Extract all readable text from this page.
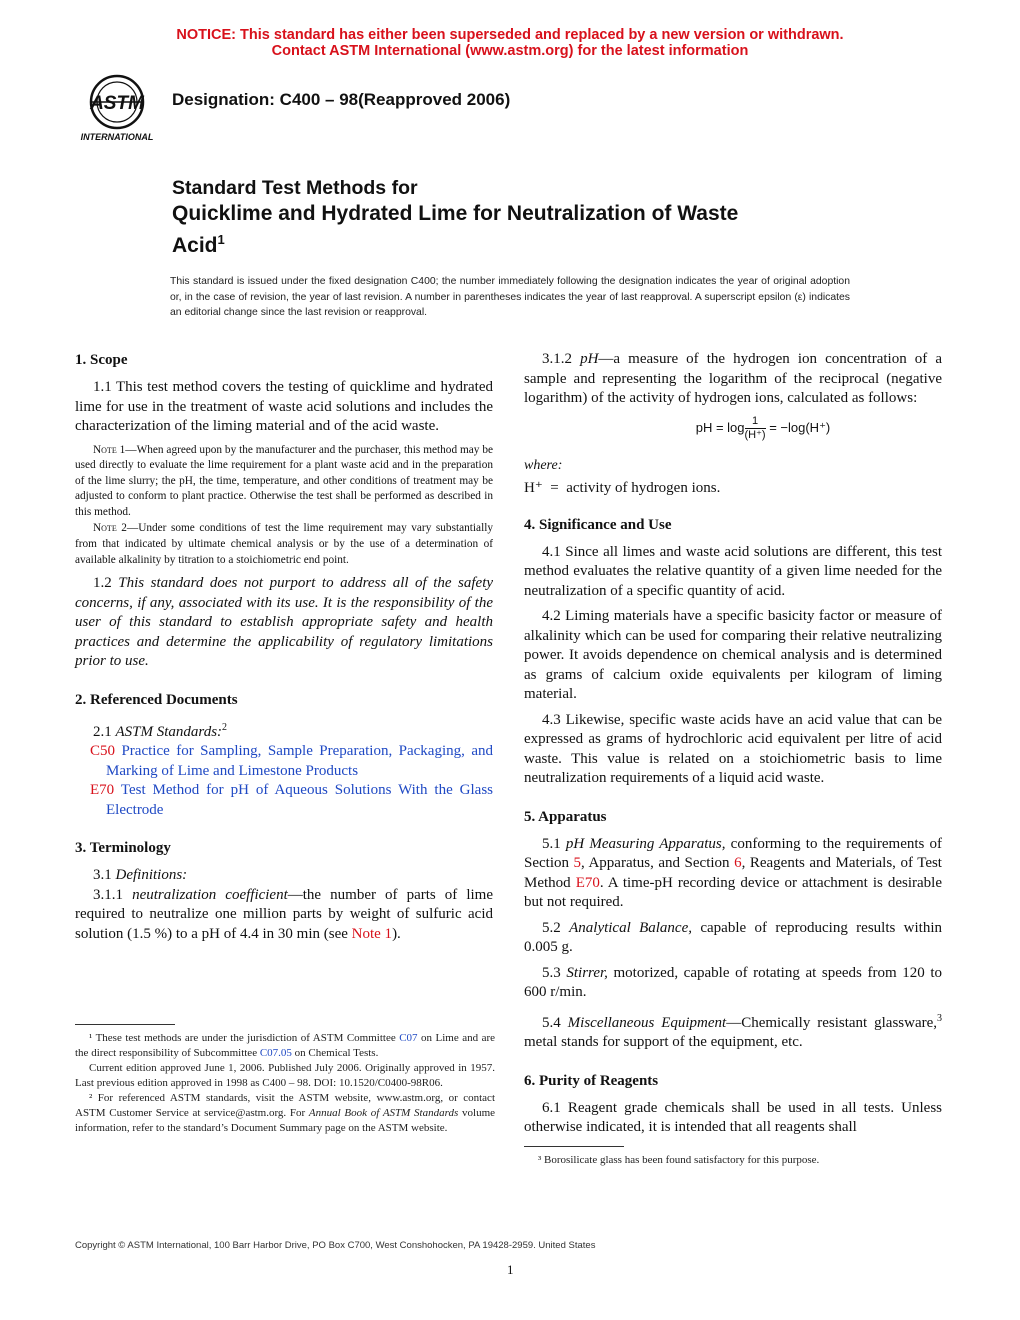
NOTICE: This standard has either been superseded and replaced by a new version or withdrawn.
Contact ASTM International (www.astm.org) for the latest information
ASTM
INTERNATIONAL
Designation: C400 – 98(Reapproved 2006)
Standard Test Methods for
Quicklime and Hydrated Lime for Neutralization of Waste
Acid$^1$
This standard is issued under the fixed designation C400; the number immediately following the designation indicates the year of original adoption or, in the case of revision, the year of last revision. A number in parentheses indicates the year of last reapproval. A superscript epsilon (ε) indicates an editorial change since the last revision or reapproval.
1. Scope

1.1 This test method covers the testing of quicklime and hydrated lime for use in the treatment of waste acid solutions and includes the characterization of the liming material and of the acid waste.

Note 1—When agreed upon by the manufacturer and the purchaser, this method may be used directly to evaluate the lime requirement for a plant waste acid and in the preparation of the lime slurry; the pH, the time, temperature, and other conditions of treatment may be adjusted to conform to plant practice. Otherwise the test shall be performed as described in this method.
Note 2—Under some conditions of test the lime requirement may vary substantially from that indicated by ultimate chemical analysis or by the use of a determination of available alkalinity by titration to a stoichiometric end point.

1.2 This standard does not purport to address all of the safety concerns, if any, associated with its use. It is the responsibility of the user of this standard to establish appropriate safety and health practices and determine the applicability of regulatory limitations prior to use.

2. Referenced Documents

2.1 ASTM Standards:$^2$

C50 Practice for Sampling, Sample Preparation, Packaging, and Marking of Lime and Limestone Products

E70 Test Method for pH of Aqueous Solutions With the Glass Electrode

3. Terminology

3.1 Definitions:

3.1.1 neutralization coefficient—the number of parts of lime required to neutralize one million parts by weight of sulfuric acid solution (1.5 %) to a pH of 4.4 in 30 min (see Note 1).

¹ These test methods are under the jurisdiction of ASTM Committee C07 on Lime and are the direct responsibility of Subcommittee C07.05 on Chemical Tests.

Current edition approved June 1, 2006. Published July 2006. Originally approved in 1957. Last previous edition approved in 1998 as C400 – 98. DOI: 10.1520/C0400-98R06.

² For referenced ASTM standards, visit the ASTM website, www.astm.org, or contact ASTM Customer Service at service@astm.org. For Annual Book of ASTM Standards volume information, refer to the standard’s Document Summary page on the ASTM website.

3.1.2 pH—a measure of the hydrogen ion concentration of a sample and representing the logarithm of the reciprocal (negative logarithm) of the activity of hydrogen ions, calculated as follows:

pH = $\log \frac{1}{(H^+)} = -\log(H^+)$
where:
H⁺  =  activity of hydrogen ions.
4. Significance and Use

4.1 Since all limes and waste acid solutions are different, this test method evaluates the relative quantity of a given lime needed for the neutralization of a specific quantity of acid.

4.2 Liming materials have a specific basicity factor or measure of alkalinity which can be used for comparing their relative neutralizing power. It avoids dependence on chemical analysis and is determined as grams of calcium oxide equivalents per kilogram of liming material.

4.3 Likewise, specific waste acids have an acid value that can be expressed as grams of hydrochloric acid equivalent per litre of acid waste. This value is related on a stoichiometric basis to lime neutralization requirements of a liquid acid waste.

5. Apparatus

5.1 pH Measuring Apparatus, conforming to the requirements of Section 5, Apparatus, and Section 6, Reagents and Materials, of Test Method E70. A time-pH recording device or attachment is desirable but not required.

5.2 Analytical Balance, capable of reproducing results within 0.005 g.

5.3 Stirrer, motorized, capable of rotating at speeds from 120 to 600 r/min.

5.4 Miscellaneous Equipment—Chemically resistant glassware,$^3$ metal stands for support of the equipment, etc.

6. Purity of Reagents

6.1 Reagent grade chemicals shall be used in all tests. Unless otherwise indicated, it is intended that all reagents shall

³ Borosilicate glass has been found satisfactory for this purpose.

Copyright © ASTM International, 100 Barr Harbor Drive, PO Box C700, West Conshohocken, PA 19428-2959. United States
1
